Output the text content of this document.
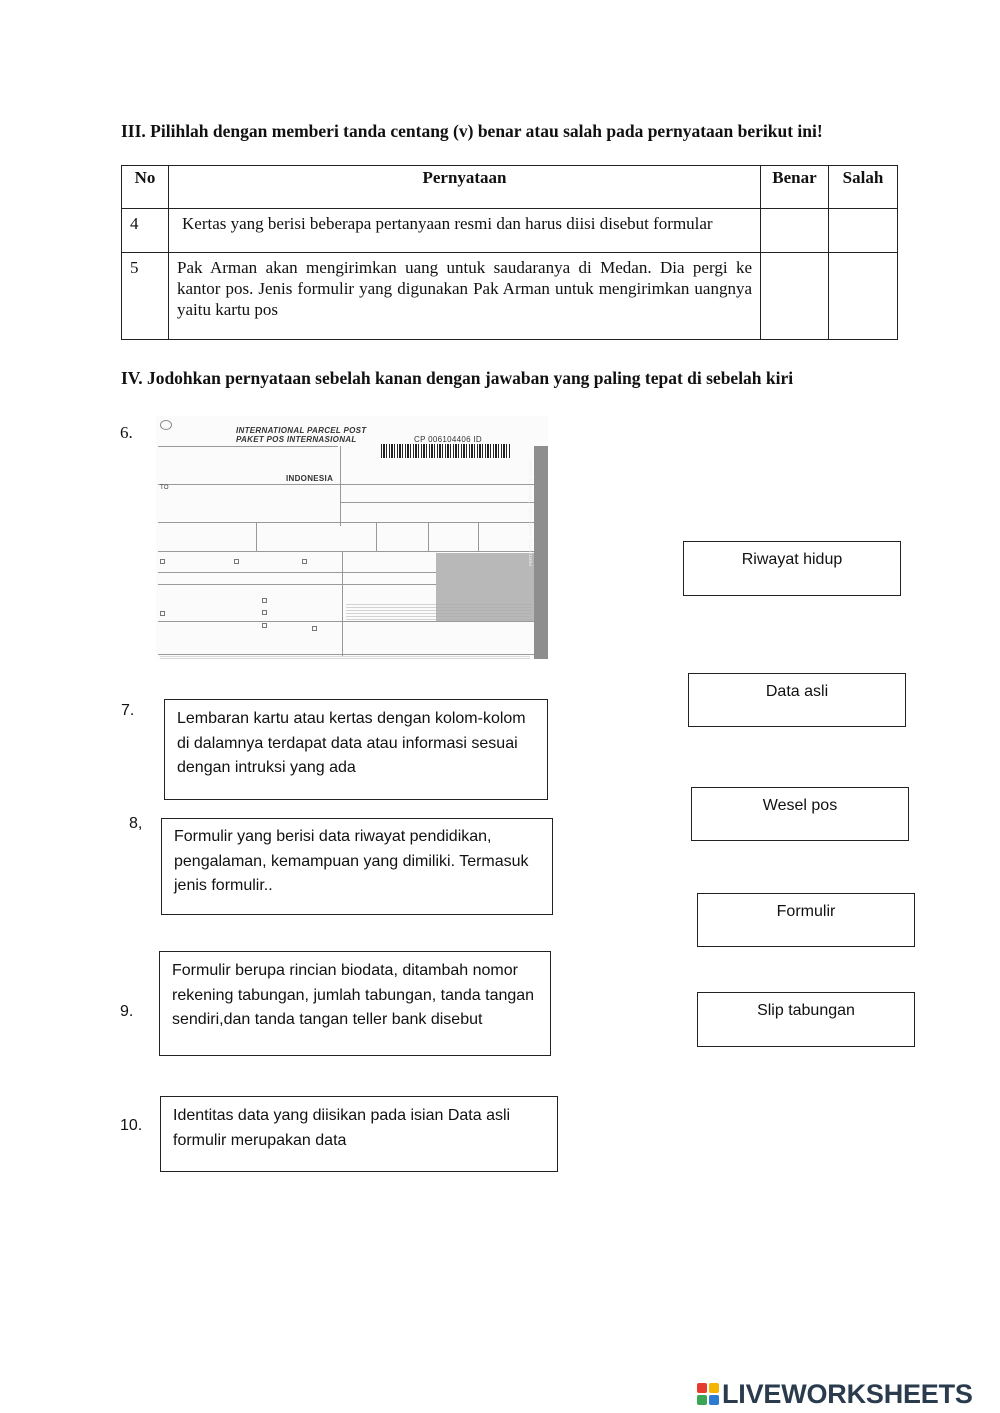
III. Pilihlah dengan memberi tanda centang (v) benar atau salah pada pernyataan berikut ini!
No	Pernyataan	Benar	Salah
4	Kertas yang berisi beberapa pertanyaan resmi dan harus diisi disebut formular		
5	Pak Arman akan mengirimkan uang untuk saudaranya di Medan. Dia pergi ke kantor pos. Jenis formulir yang digunakan Pak Arman untuk mengirimkan uangnya yaitu kartu pos		
IV. Jodohkan pernyataan sebelah kanan dengan jawaban yang paling tepat di sebelah kiri
6.	INTERNATIONAL PARCEL POST
PAKET POS INTERNASIONAL	CP 006104406 ID
INDONESIA
TO	PERTINGGAL KANTOR ASAL / OFFICE OF ORIGIN
7.	Lembaran kartu atau kertas dengan kolom-kolom di dalamnya terdapat data atau informasi sesuai dengan intruksi yang ada
8,
Formulir yang berisi data riwayat pendidikan, pengalaman, kemampuan yang dimiliki. Termasuk jenis formulir..
9.
Formulir berupa rincian biodata, ditambah nomor rekening tabungan, jumlah tabungan, tanda tangan sendiri,dan tanda tangan teller bank disebut
10.
Identitas data yang diisikan pada isian Data asli formulir merupakan data
Riwayat hidup
Data asli
Wesel pos
Formulir
Slip tabungan
LIVEWORKSHEETS
